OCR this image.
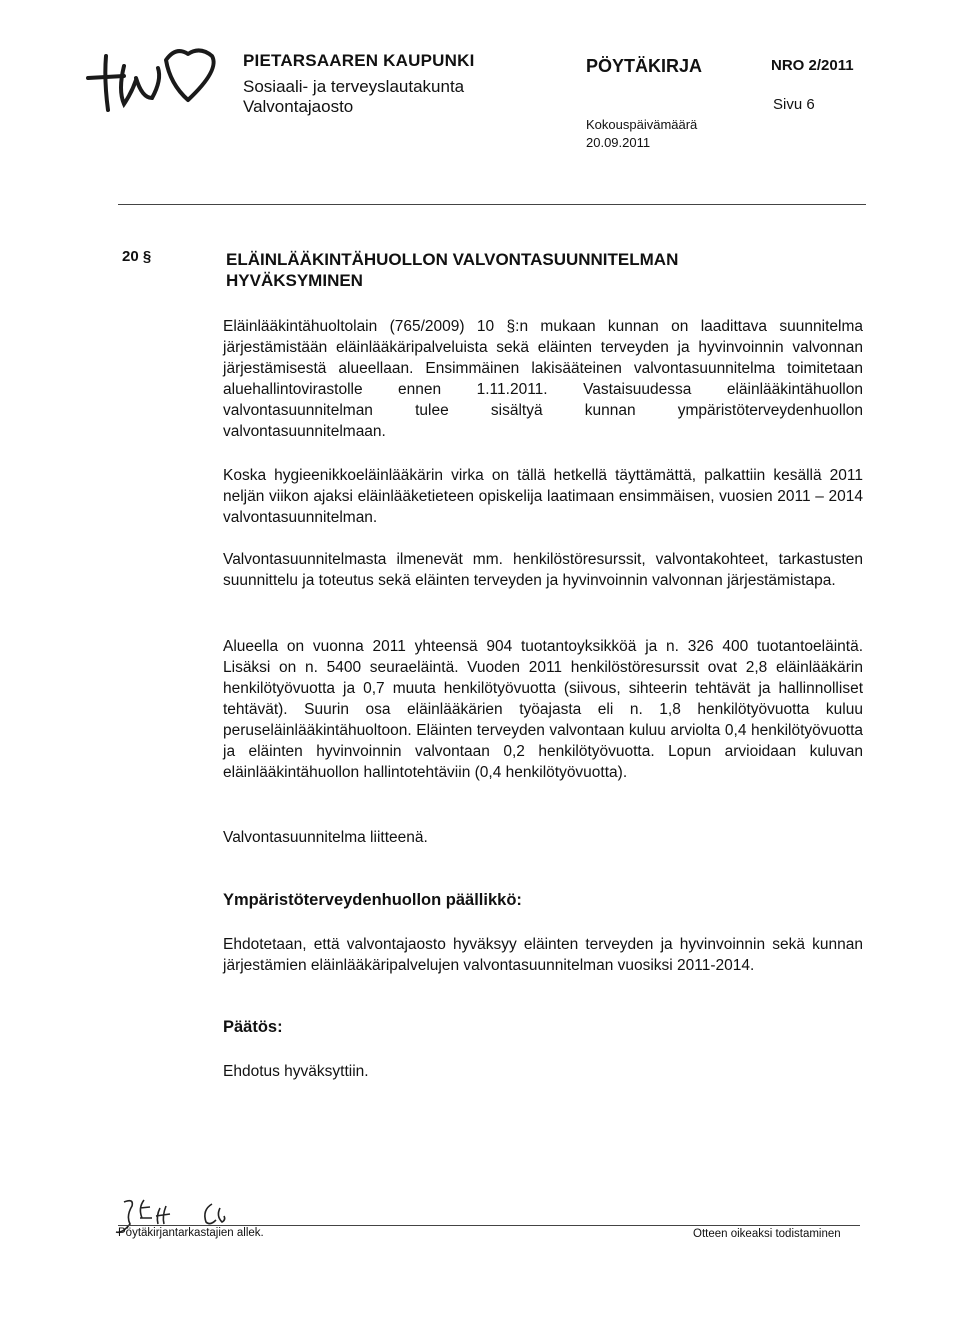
PIETARSAAREN KAUPUNKI
Sosiaali- ja terveyslautakunta
Valvontajaosto
PÖYTÄKIRJA	NRO 2/2011
Sivu 6
Kokouspäivämäärä
20.09.2011
20 §	ELÄINLÄÄKINTÄHUOLLON VALVONTASUUNNITELMAN HYVÄKSYMINEN
Eläinlääkintähuoltolain (765/2009) 10 §:n mukaan kunnan on laadittava suunnitelma järjestämistään eläinlääkäripalveluista sekä eläinten terveyden ja hyvinvoinnin valvonnan järjestämisestä alueellaan. Ensimmäinen lakisääteinen valvontasuunnitelma toimitetaan aluehallintovirastolle ennen 1.11.2011. Vastaisuudessa eläinlääkintähuollon valvontasuunnitelman tulee sisältyä kunnan ympäristöterveydenhuollon valvontasuunnitelmaan.
Koska hygieenikkoeläinlääkärin virka on tällä hetkellä täyttämättä, palkattiin kesällä 2011 neljän viikon ajaksi eläinlääketieteen opiskelija laatimaan ensimmäisen, vuosien 2011 – 2014 valvontasuunnitelman.
Valvontasuunnitelmasta ilmenevät mm. henkilöstöresurssit, valvontakohteet, tarkastusten suunnittelu ja toteutus sekä eläinten terveyden ja hyvinvoinnin valvonnan järjestämistapa.
Alueella on vuonna 2011 yhteensä 904 tuotantoyksikköä ja n. 326 400 tuotantoeläintä. Lisäksi on n. 5400 seuraeläintä. Vuoden 2011 henkilöstöresurssit ovat 2,8 eläinlääkärin henkilötyövuotta ja 0,7 muuta henkilötyövuotta (siivous, sihteerin tehtävät ja hallinnolliset tehtävät). Suurin osa eläinlääkärien työajasta eli n. 1,8 henkilötyövuotta kuluu peruseläinlääkintähuoltoon. Eläinten terveyden valvontaan kuluu arviolta 0,4 henkilötyövuotta ja eläinten hyvinvoinnin valvontaan 0,2 henkilötyövuotta. Lopun arvioidaan kuluvan eläinlääkintähuollon hallintotehtäviin (0,4 henkilötyövuotta).
Valvontasuunnitelma liitteenä.
Ympäristöterveydenhuollon päällikkö:
Ehdotetaan, että valvontajaosto hyväksyy eläinten terveyden ja hyvinvoinnin sekä kunnan järjestämien eläinlääkäripalvelujen valvontasuunnitelman vuosiksi 2011-2014.
Päätös:
Ehdotus hyväksyttiin.
Pöytäkirjantarkastajien allek.	Otteen oikeaksi todistaminen
